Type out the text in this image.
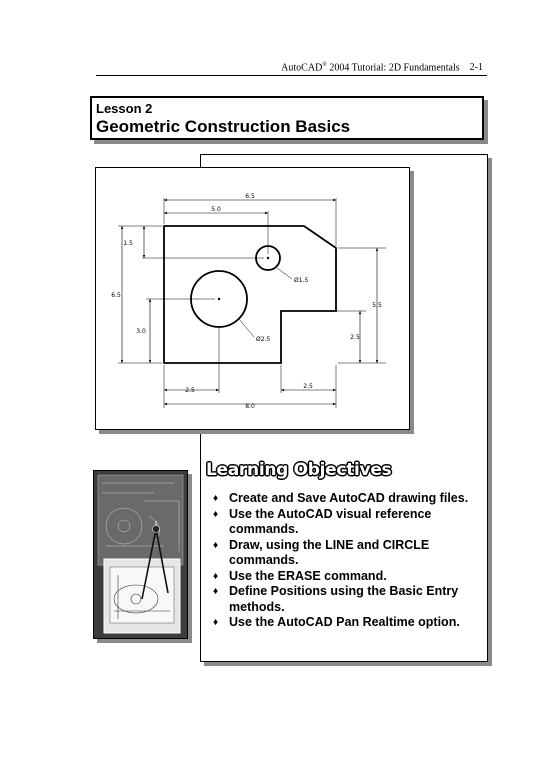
AutoCAD® 2004 Tutorial: 2D Fundamentals 2-1
Lesson 2
Geometric Construction Basics
6.5
5.0
1.5
Ø1.5
6.5
5.5
3.0
Ø2.5	2.5
2.5
2.5
8.0
Learning Objectives
♦ Create and Save AutoCAD drawing files.
♦ Use the AutoCAD visual reference commands.
♦ Draw, using the LINE and CIRCLE commands.
♦ Use the ERASE command.
♦ Define Positions using the Basic Entry methods.
♦ Use the AutoCAD Pan Realtime option.
